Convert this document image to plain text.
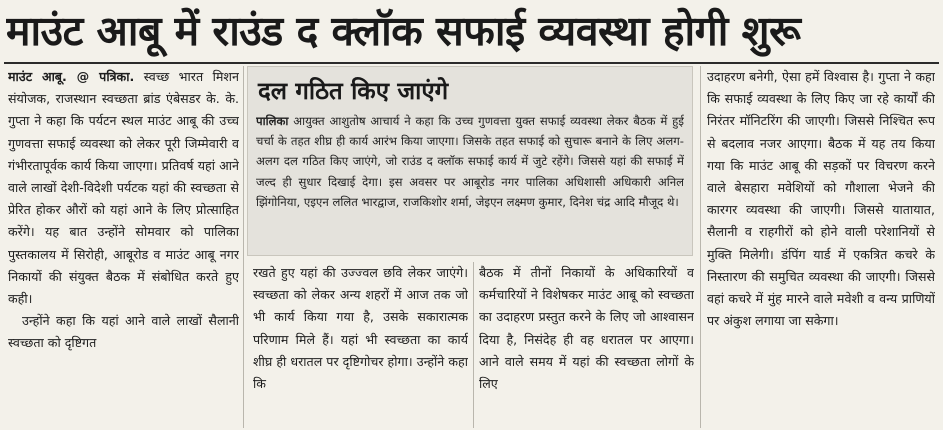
माउंट आबू में राउंड द क्लॉक सफाई व्यवस्था होगी शुरू

माउंट आबू. @ पत्रिका. स्वच्छ भारत मिशन संयोजक, राजस्थान स्वच्छता ब्रांड एंबेसडर के. के. गुप्ता ने कहा कि पर्यटन स्थल माउंट आबू की उच्च गुणवत्ता सफाई व्यवस्था को लेकर पूरी जिम्मेवारी व गंभीरतापूर्वक कार्य किया जाएगा। प्रतिवर्ष यहां आने वाले लाखों देशी-विदेशी पर्यटक यहां की स्वच्छता से प्रेरित होकर औरों को यहां आने के लिए प्रोत्साहित करेंगे। यह बात उन्होंने सोमवार को पालिका पुस्तकालय में सिरोही, आबूरोड व माउंट आबू नगर निकायों की संयुक्त बैठक में संबोधित करते हुए कही।

उन्होंने कहा कि यहां आने वाले लाखों सैलानी स्वच्छता को दृष्टिगत

दल गठित किए जाएंगे

पालिका आयुक्त आशुतोष आचार्य ने कहा कि उच्च गुणवत्ता युक्त सफाई व्यवस्था लेकर बैठक में हुई चर्चा के तहत शीघ्र ही कार्य आरंभ किया जाएगा। जिसके तहत सफाई को सुचारू बनाने के लिए अलग-अलग दल गठित किए जाएंगे, जो राउंड द क्लॉक सफाई कार्य में जुटे रहेंगे। जिससे यहां की सफाई में जल्द ही सुधार दिखाई देगा। इस अवसर पर आबूरोड नगर पालिका अधिशासी अधिकारी अनिल झिंगोनिया, एइएन ललित भारद्वाज, राजकिशोर शर्मा, जेइएन लक्ष्मण कुमार, दिनेश चंद्र आदि मौजूद थे।

रखते हुए यहां की उज्ज्वल छवि लेकर जाएंगे। स्वच्छता को लेकर अन्य शहरों में आज तक जो भी कार्य किया गया है, उसके सकारात्मक परिणाम मिले हैं। यहां भी स्वच्छता का कार्य शीघ्र ही धरातल पर दृष्टिगोचर होगा। उन्होंने कहा कि

बैठक में तीनों निकायों के अधिकारियों व कर्मचारियों ने विशेषकर माउंट आबू को स्वच्छता का उदाहरण प्रस्तुत करने के लिए जो आश्वासन दिया है, निसंदेह ही वह धरातल पर आएगा। आने वाले समय में यहां की स्वच्छता लोगों के लिए

उदाहरण बनेगी, ऐसा हमें विश्वास है। गुप्ता ने कहा कि सफाई व्यवस्था के लिए किए जा रहे कार्यों की निरंतर मॉनिटरिंग की जाएगी। जिससे निश्चित रूप से बदलाव नजर आएगा। बैठक में यह तय किया गया कि माउंट आबू की सड़कों पर विचरण करने वाले बेसहारा मवेशियों को गौशाला भेजने की कारगर व्यवस्था की जाएगी। जिससे यातायात, सैलानी व राहगीरों को होने वाली परेशानियों से मुक्ति मिलेगी। डंपिंग यार्ड में एकत्रित कचरे के निस्तारण की समुचित व्यवस्था की जाएगी। जिससे वहां कचरे में मुंह मारने वाले मवेशी व वन्य प्राणियों पर अंकुश लगाया जा सकेगा।
